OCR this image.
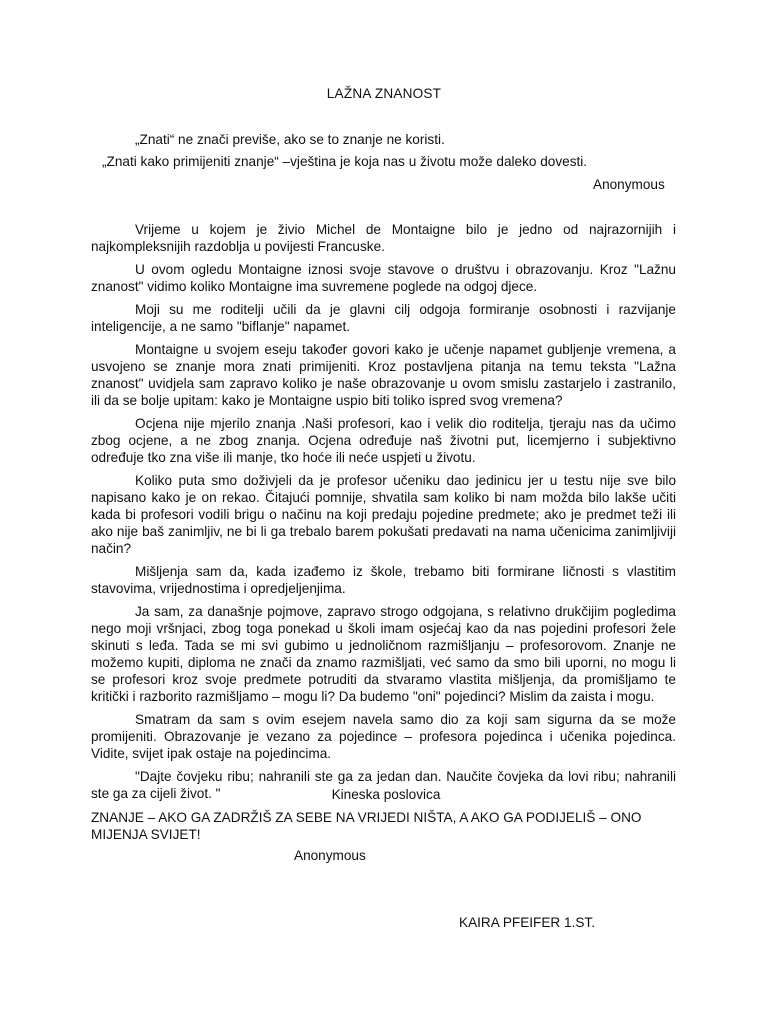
LAŽNA ZNANOST

„Znati“ ne znači previše, ako se to znanje ne koristi.

„Znati kako primijeniti znanje“ –vještina je koja nas u životu može daleko dovesti.

Anonymous

Vrijeme u kojem je živio Michel de Montaigne bilo je jedno od najrazornijih i najkompleksnijih razdoblja u povijesti Francuske.

U ovom ogledu Montaigne iznosi svoje stavove o društvu i obrazovanju. Kroz "Lažnu znanost" vidimo koliko Montaigne ima suvremene poglede na odgoj djece.

Moji su me roditelji učili da je glavni cilj odgoja formiranje osobnosti i razvijanje inteligencije, a ne samo "biflanje" napamet.

Montaigne u svojem eseju također govori kako je učenje napamet gubljenje vremena, a usvojeno se znanje mora znati primijeniti. Kroz postavljena pitanja na temu teksta "Lažna znanost" uvidjela sam zapravo koliko je naše obrazovanje u ovom smislu zastarjelo i zastranilo, ili da se bolje upitam: kako je Montaigne uspio biti toliko ispred svog vremena?

Ocjena nije mjerilo znanja .Naši profesori, kao i velik dio roditelja, tjeraju nas da učimo zbog ocjene, a ne zbog znanja. Ocjena određuje naš životni put, licemjerno i subjektivno određuje tko zna više ili manje, tko hoće ili neće uspjeti u životu.

Koliko puta smo doživjeli da je profesor učeniku dao jedinicu jer u testu nije sve bilo napisano kako je on rekao. Čitajući pomnije, shvatila sam koliko bi nam možda bilo lakše učiti kada bi profesori vodili brigu o načinu na koji predaju pojedine predmete; ako je predmet teži ili ako nije baš zanimljiv, ne bi li ga trebalo barem pokušati predavati na nama učenicima zanimljiviji način?

Mišljenja sam da, kada izađemo iz škole, trebamo biti formirane ličnosti s vlastitim stavovima, vrijednostima i opredjeljenjima.

Ja sam, za današnje pojmove, zapravo strogo odgojana, s relativno drukčijim pogledima nego moji vršnjaci, zbog toga ponekad u školi imam osjećaj kao da nas pojedini profesori žele skinuti s leđa. Tada se mi svi gubimo u jednoličnom razmišljanju – profesorovom. Znanje ne možemo kupiti, diploma ne znači da znamo razmišljati, već samo da smo bili uporni, no mogu li se profesori kroz svoje predmete potruditi da stvaramo vlastita mišljenja, da promišljamo te kritički i razborito razmišljamo – mogu li? Da budemo "oni" pojedinci? Mislim da zaista i mogu.

Smatram da sam s ovim esejem navela samo dio za koji sam sigurna da se može promijeniti. Obrazovanje je vezano za pojedince – profesora pojedinca i učenika pojedinca. Vidite, svijet ipak ostaje na pojedincima.

"Dajte čovjeku ribu; nahranili ste ga za jedan dan. Naučite čovjeka da lovi ribu; nahranili ste ga za cijeli život. "	Kineska poslovica

ZNANJE – AKO GA ZADRŽIŠ ZA SEBE NA VRIJEDI NIŠTA, A AKO GA PODIJELIŠ – ONO MIJENJA SVIJET!

Anonymous

KAIRA PFEIFER 1.ST.
